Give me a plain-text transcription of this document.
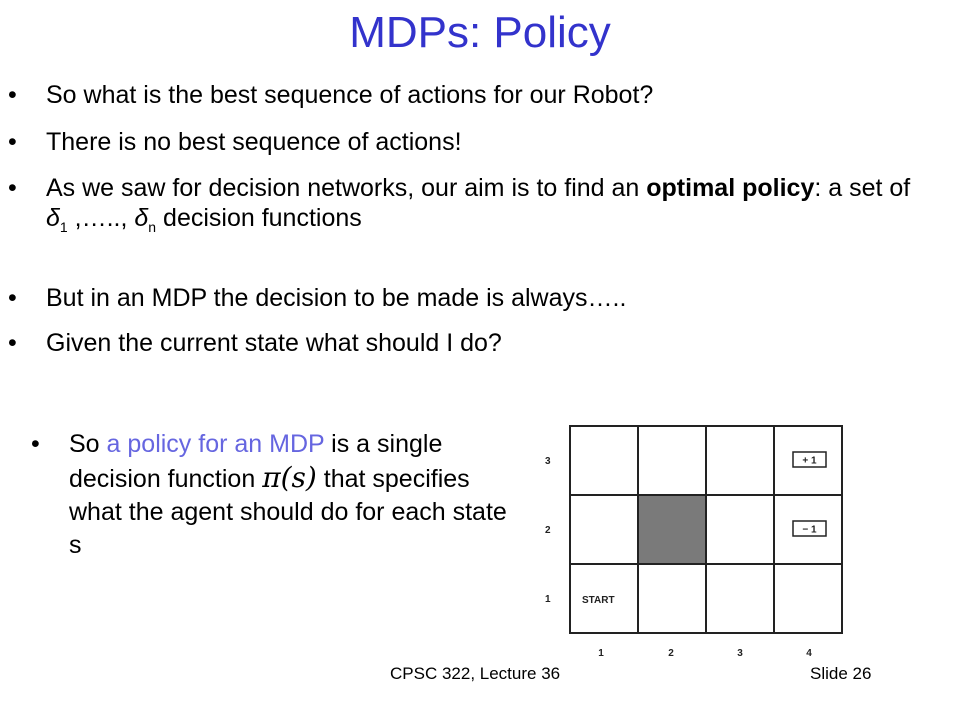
MDPs: Policy
• So what is the best sequence of actions for our Robot?
• There is no best sequence of actions!
• As we saw for decision networks, our aim is to find an optimal policy: a set of $\delta_1$ ,….., $\delta_n$ decision functions
• But in an MDP the decision to be made is always…..
• Given the current state what should I do?
• So a policy for an MDP is a single decision function π(s) that specifies what the agent should do for each state s
+ 1
− 1
START
3
2
1
1	2	3	4
CPSC 322, Lecture 36	Slide 26
